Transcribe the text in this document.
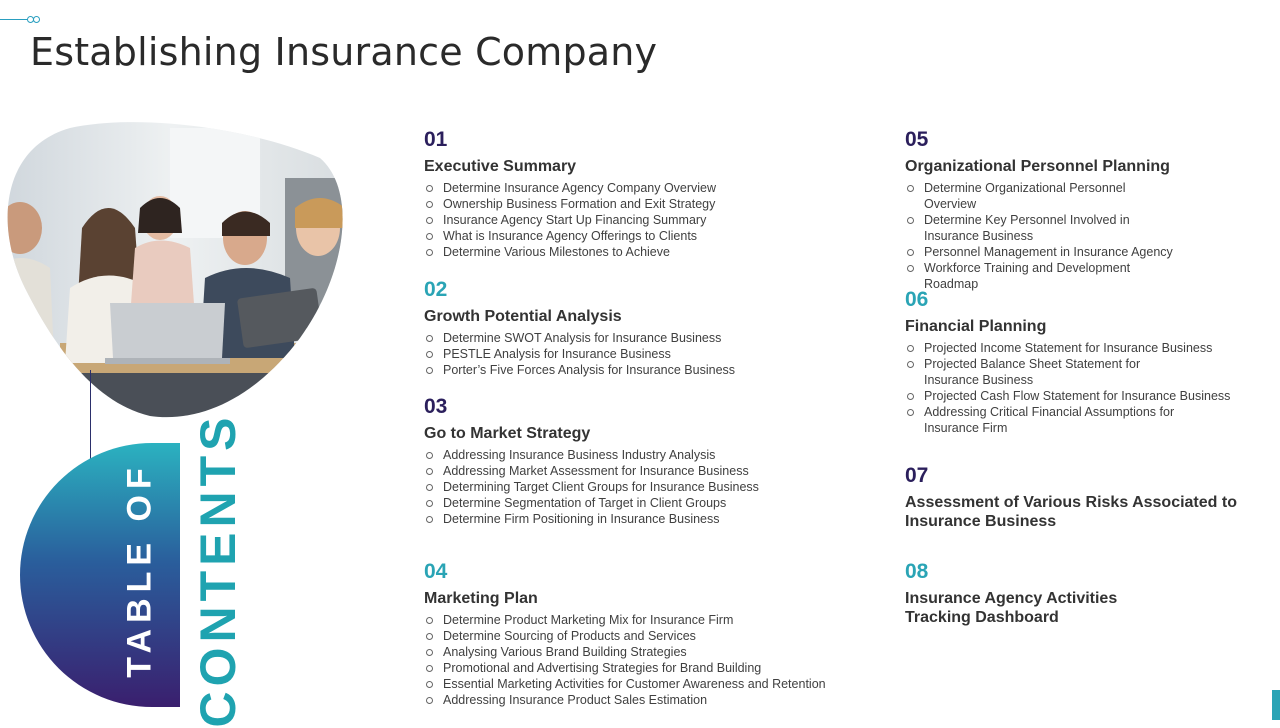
Establishing Insurance Company
TABLE OF CONTENTS
01
Executive Summary
Determine Insurance Agency Company Overview
Ownership Business Formation and Exit Strategy
Insurance Agency Start Up Financing Summary
What is Insurance Agency Offerings to Clients
Determine Various Milestones to Achieve
02
Growth Potential Analysis
Determine SWOT Analysis for Insurance Business
PESTLE Analysis for Insurance Business
Porter’s Five Forces Analysis for Insurance Business
03
Go to Market Strategy
Addressing Insurance Business Industry Analysis
Addressing Market Assessment for Insurance Business
Determining Target Client Groups for Insurance Business
Determine Segmentation of Target in Client Groups
Determine Firm Positioning in Insurance Business
04
Marketing Plan
Determine Product Marketing Mix for Insurance Firm
Determine Sourcing of Products and Services
Analysing Various Brand Building Strategies
Promotional and Advertising Strategies for Brand Building
Essential Marketing Activities for Customer Awareness and Retention
Addressing Insurance Product Sales Estimation
05
Organizational Personnel Planning
Determine Organizational Personnel Overview
Determine Key Personnel Involved in Insurance Business
Personnel Management in Insurance Agency
Workforce Training and Development Roadmap
06
Financial Planning
Projected Income Statement for Insurance Business
Projected Balance Sheet Statement for Insurance Business
Projected Cash Flow Statement for Insurance Business
Addressing Critical Financial Assumptions for Insurance Firm
07
Assessment of Various Risks Associated to Insurance Business
08
Insurance Agency Activities Tracking Dashboard
